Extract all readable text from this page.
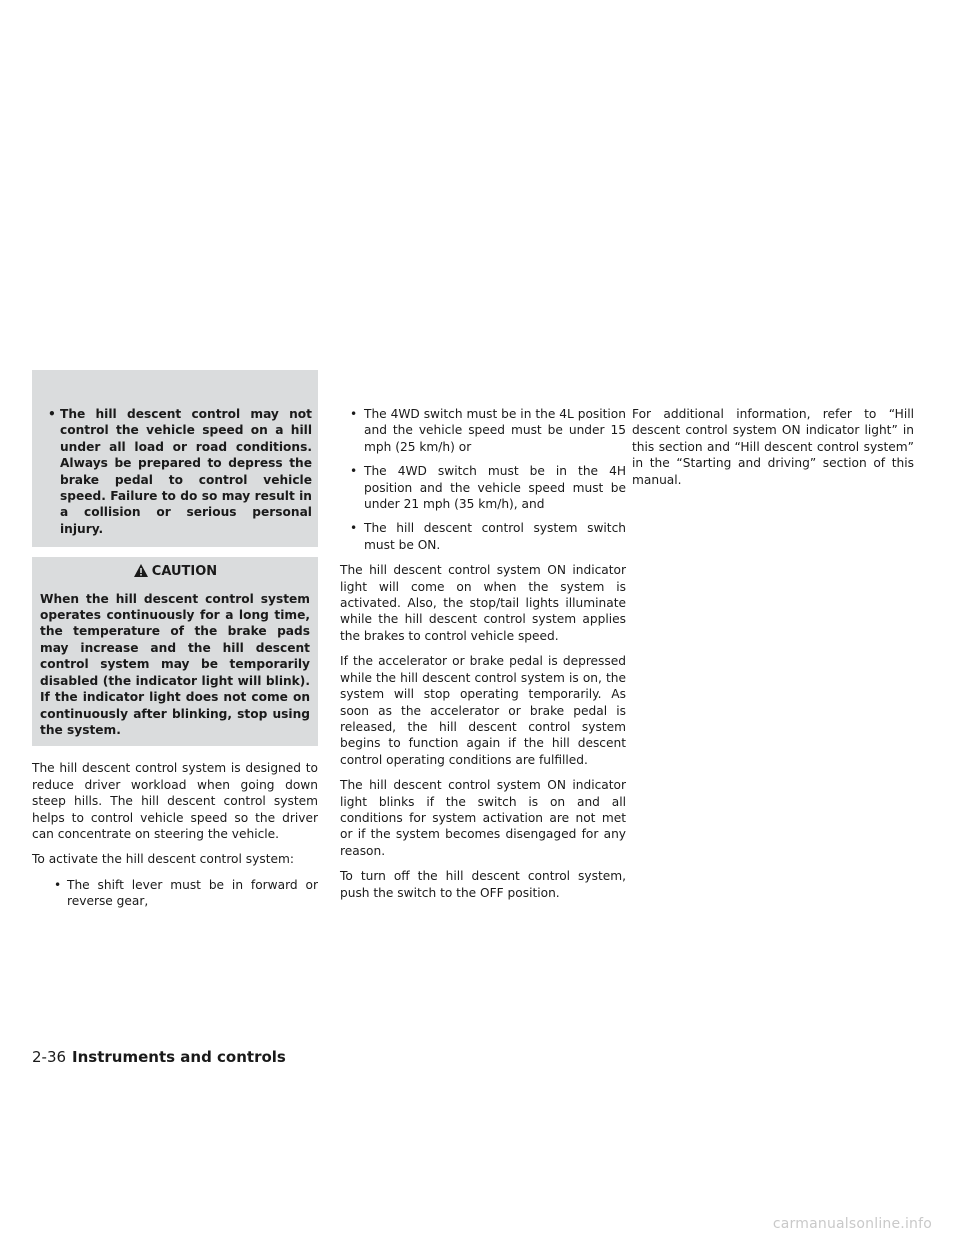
• The hill descent control may not control the vehicle speed on a hill under all load or road conditions. Always be prepared to depress the brake pedal to control vehicle speed. Failure to do so may result in a collision or serious personal injury.
CAUTION
When the hill descent control system operates continuously for a long time, the temperature of the brake pads may increase and the hill descent control system may be temporarily disabled (the indicator light will blink). If the indicator light does not come on continuously after blinking, stop using the system.

The hill descent control system is designed to reduce driver workload when going down steep hills. The hill descent control system helps to control vehicle speed so the driver can concentrate on steering the vehicle.

To activate the hill descent control system:

• The shift lever must be in forward or reverse gear,
• The 4WD switch must be in the 4L position and the vehicle speed must be under 15 mph (25 km/h) or
• The 4WD switch must be in the 4H position and the vehicle speed must be under 21 mph (35 km/h), and
• The hill descent control system switch must be ON.

The hill descent control system ON indicator light will come on when the system is activated. Also, the stop/tail lights illuminate while the hill descent control system applies the brakes to control vehicle speed.

If the accelerator or brake pedal is depressed while the hill descent control system is on, the system will stop operating temporarily. As soon as the accelerator or brake pedal is released, the hill descent control system begins to function again if the hill descent control operating conditions are fulfilled.

The hill descent control system ON indicator light blinks if the switch is on and all conditions for system activation are not met or if the system becomes disengaged for any reason.

To turn off the hill descent control system, push the switch to the OFF position.

For additional information, refer to “Hill descent control system ON indicator light” in this section and “Hill descent control system” in the “Starting and driving” section of this manual.

2-36 Instruments and controls
carmanualsonline.info
